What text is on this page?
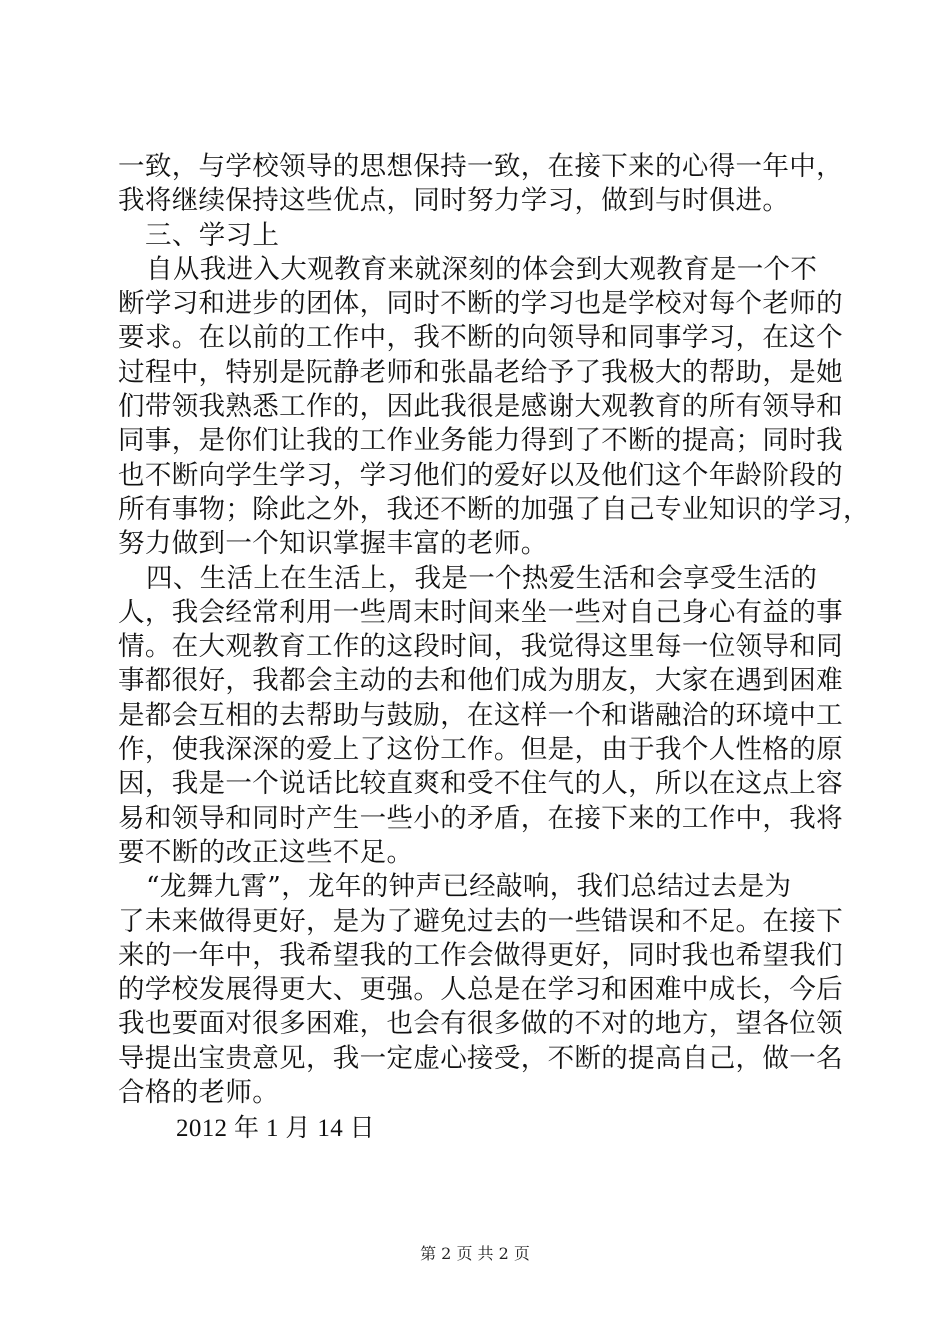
一致，与学校领导的思想保持一致，在接下来的心得一年中，
我将继续保持这些优点，同时努力学习，做到与时俱进。
三、学习上
自从我进入大观教育来就深刻的体会到大观教育是一个不
断学习和进步的团体，同时不断的学习也是学校对每个老师的
要求。在以前的工作中，我不断的向领导和同事学习，在这个
过程中，特别是阮静老师和张晶老给予了我极大的帮助，是她
们带领我熟悉工作的，因此我很是感谢大观教育的所有领导和
同事，是你们让我的工作业务能力得到了不断的提高；同时我
也不断向学生学习，学习他们的爱好以及他们这个年龄阶段的
所有事物；除此之外，我还不断的加强了自己专业知识的学习，
努力做到一个知识掌握丰富的老师。
四、生活上在生活上，我是一个热爱生活和会享受生活的
人，我会经常利用一些周末时间来坐一些对自己身心有益的事
情。在大观教育工作的这段时间，我觉得这里每一位领导和同
事都很好，我都会主动的去和他们成为朋友，大家在遇到困难
是都会互相的去帮助与鼓励，在这样一个和谐融洽的环境中工
作，使我深深的爱上了这份工作。但是，由于我个人性格的原
因，我是一个说话比较直爽和受不住气的人，所以在这点上容
易和领导和同时产生一些小的矛盾，在接下来的工作中，我将
要不断的改正这些不足。
“龙舞九霄”，龙年的钟声已经敲响，我们总结过去是为
了未来做得更好，是为了避免过去的一些错误和不足。在接下
来的一年中，我希望我的工作会做得更好，同时我也希望我们
的学校发展得更大、更强。人总是在学习和困难中成长，今后
我也要面对很多困难，也会有很多做的不对的地方，望各位领
导提出宝贵意见，我一定虚心接受，不断的提高自己，做一名
合格的老师。
2012 年 1 月 14 日
第 2 页 共 2 页
